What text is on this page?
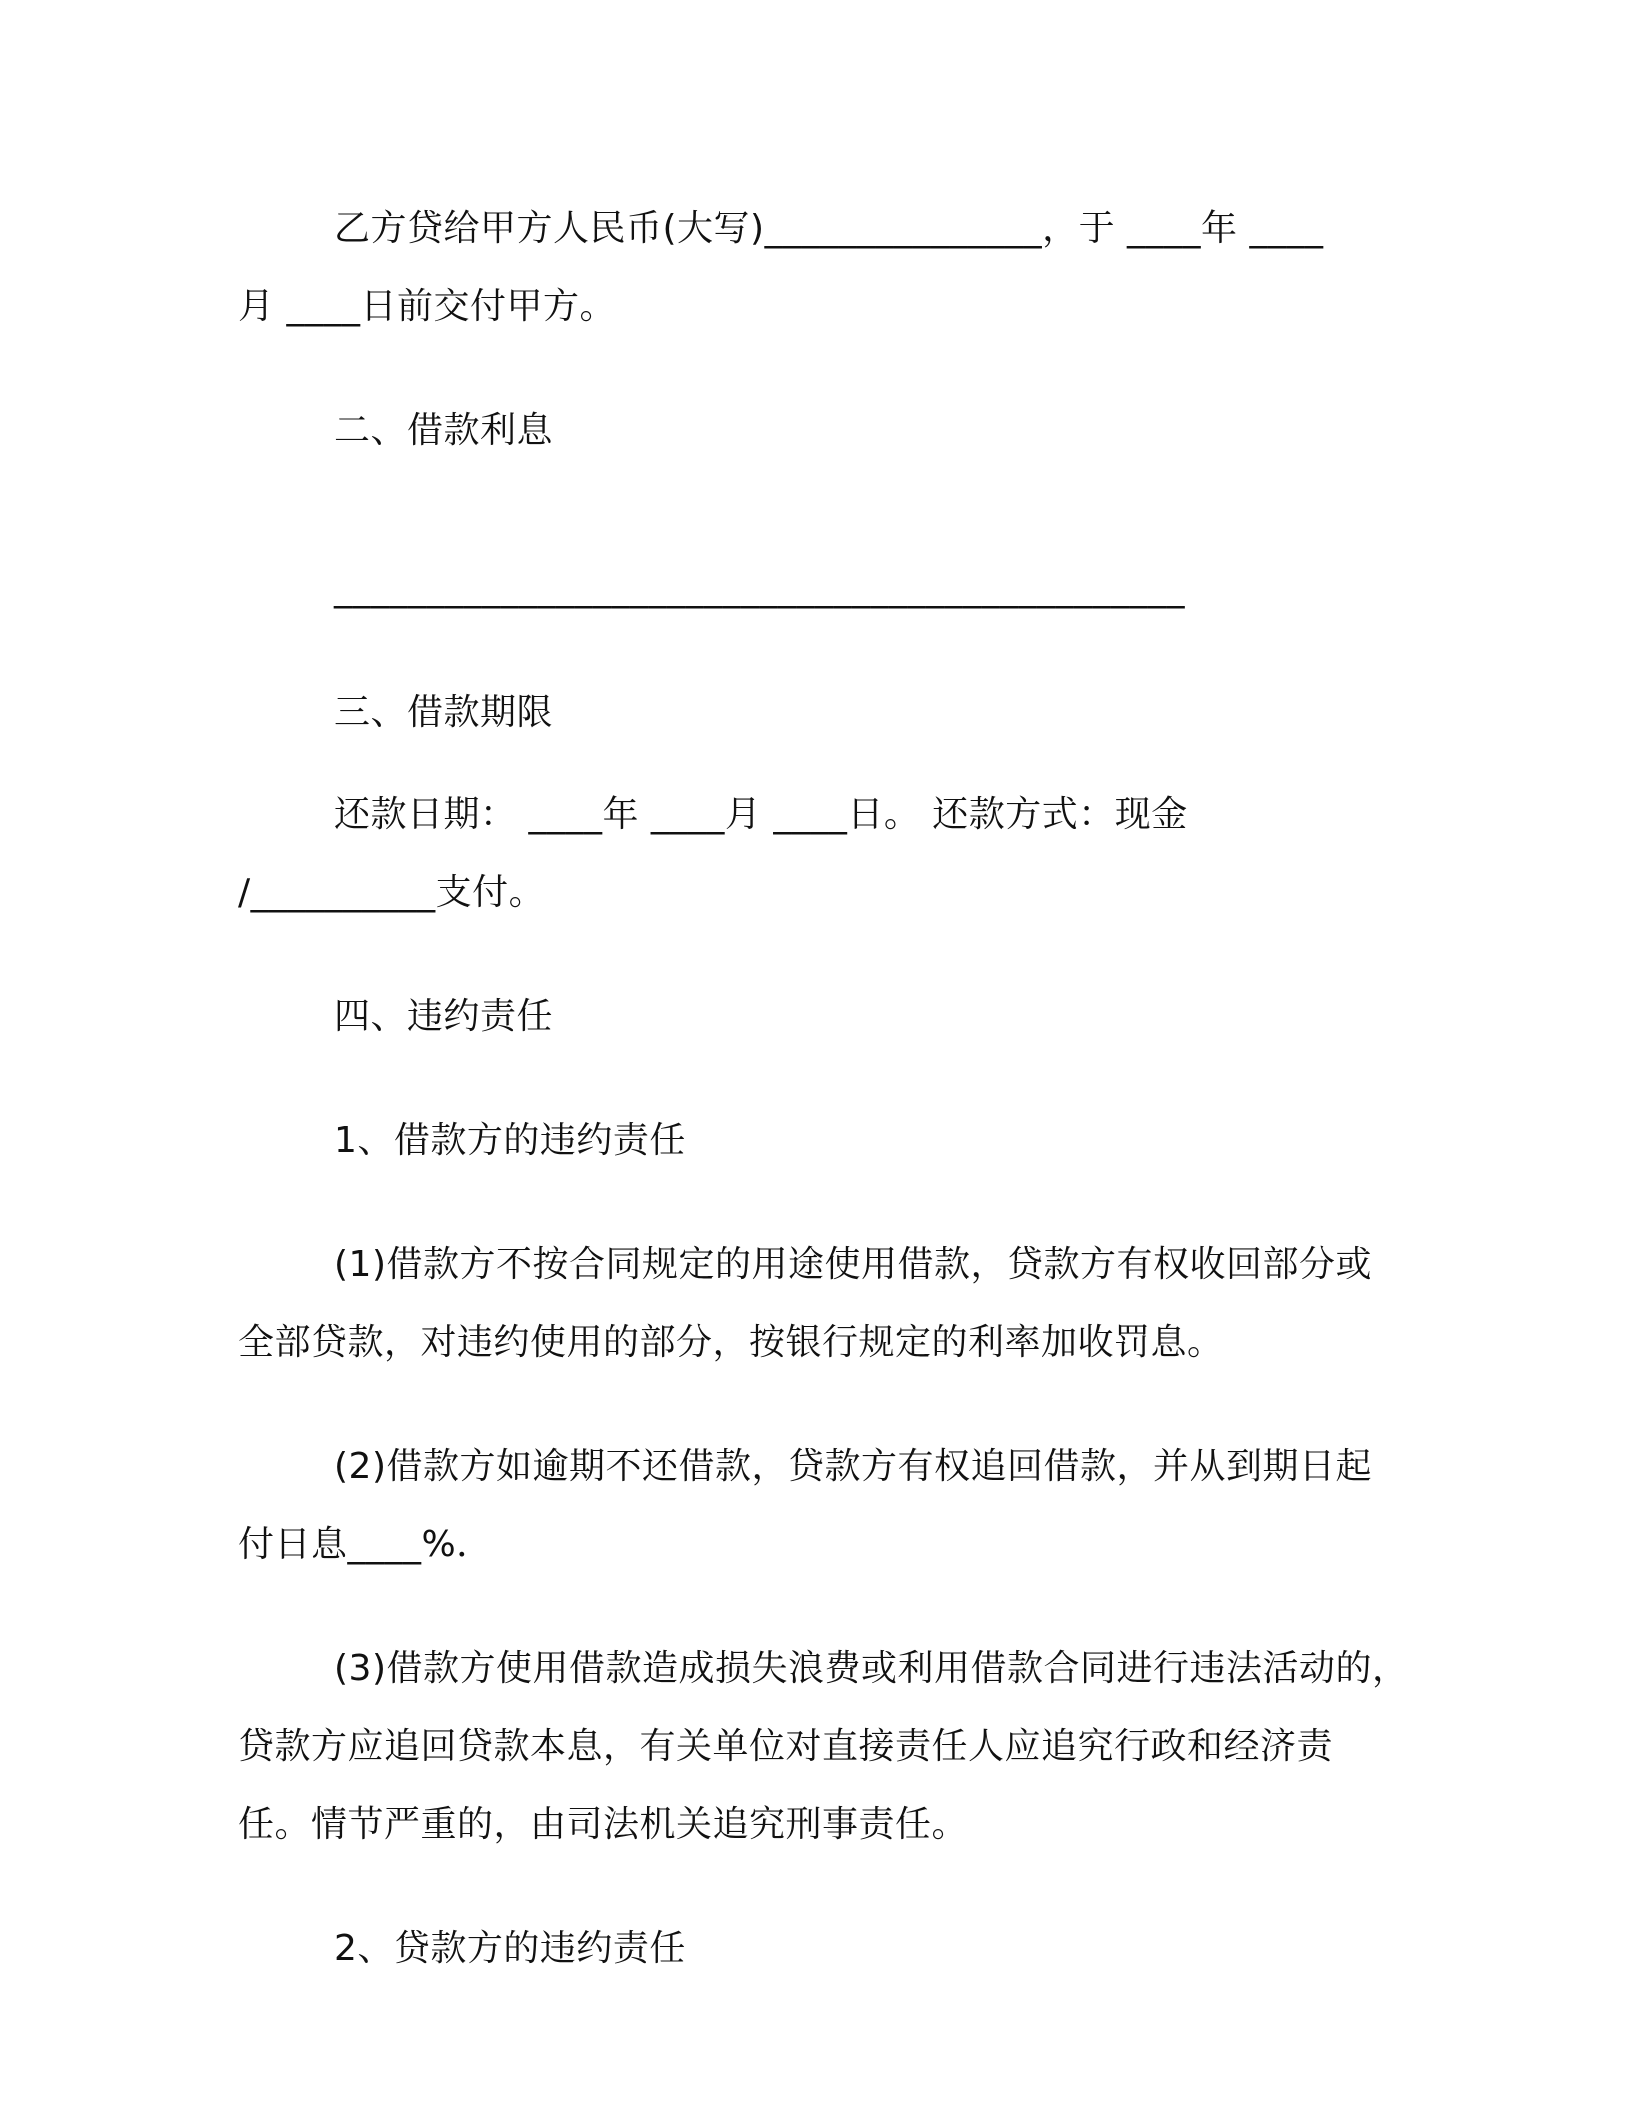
乙方贷给甲方人民币(大写)_______________，于 ____年 ____
月 ____日前交付甲方。
二、借款利息
______________________________________________
三、借款期限
还款日期： ____年 ____月 ____日。 还款方式：现金
/__________支付。
四、违约责任
1、借款方的违约责任
(1)借款方不按合同规定的用途使用借款，贷款方有权收回部分或
全部贷款，对违约使用的部分，按银行规定的利率加收罚息。
(2)借款方如逾期不还借款，贷款方有权追回借款，并从到期日起
付日息____%．
(3)借款方使用借款造成损失浪费或利用借款合同进行违法活动的，
贷款方应追回贷款本息，有关单位对直接责任人应追究行政和经济责
任。情节严重的，由司法机关追究刑事责任。
2、贷款方的违约责任
